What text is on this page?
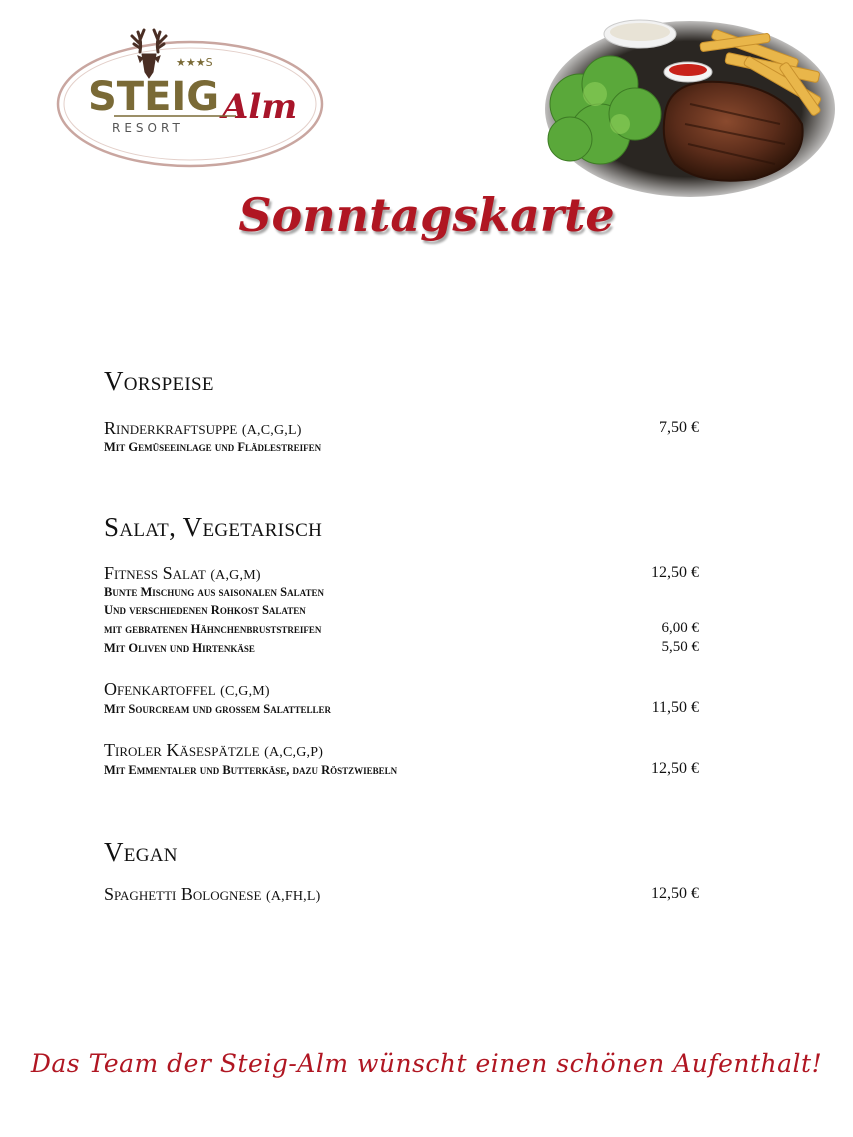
★★★S
STEIG Alm
RESORT
Sonntagskarte
Vorspeise
Rinderkraftsuppe (A,C,G,L)	7,50 €
Mit Gemüseeinlage und Flädlestreifen
Salat, Vegetarisch
Fitness Salat (A,G,M)	12,50 €
Bunte Mischung aus saisonalen Salaten
Und verschiedenen Rohkost Salaten
mit gebratenen Hähnchenbruststreifen	6,00 €
Mit Oliven und Hirtenkäse	5,50 €
Ofenkartoffel (C,G,M)
Mit Sourcream und grossem Salatteller	11,50 €
Tiroler Käsespätzle (A,C,G,P)
Mit Emmentaler und Butterkäse, dazu Röstzwiebeln	12,50 €
Vegan
Spaghetti Bolognese (A,FH,L)	12,50 €
Das Team der Steig-Alm wünscht einen schönen Aufenthalt!
